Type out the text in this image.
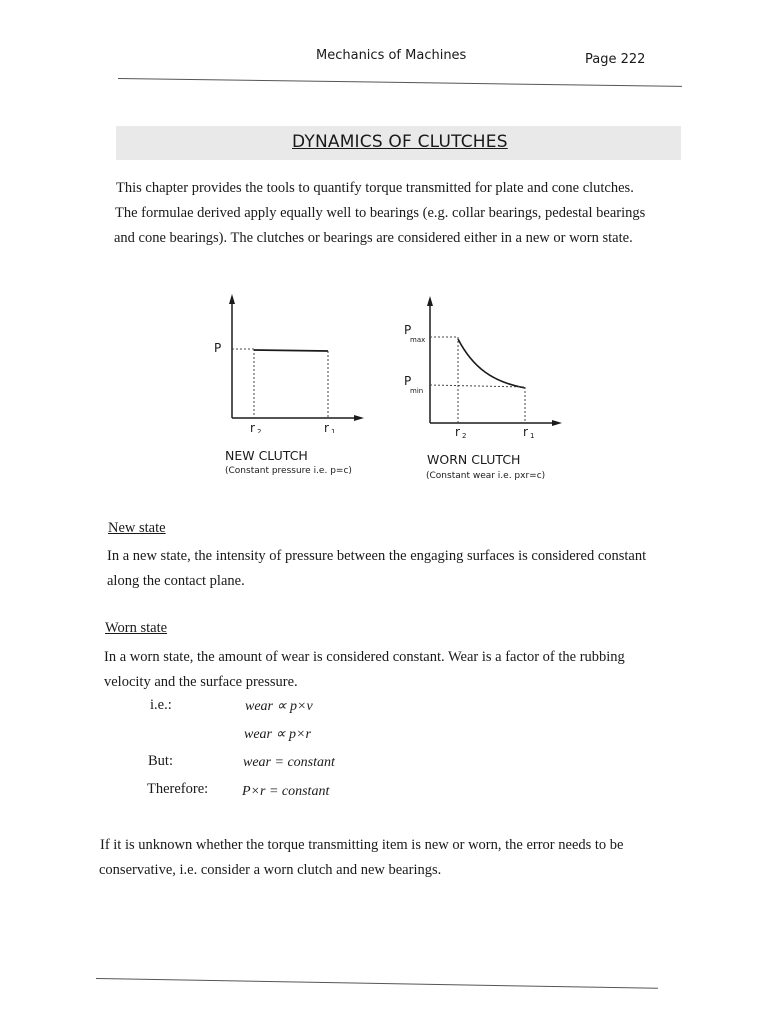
Mechanics of Machines	Page 222
DYNAMICS OF CLUTCHES
This chapter provides the tools to quantify torque transmitted for plate and cone clutches.
The formulae derived apply equally well to bearings (e.g. collar bearings, pedestal bearings
and cone bearings). The clutches or bearings are considered either in a new or worn state.
P
r 2	r 1
NEW CLUTCH
(Constant pressure i.e. p=c)
P
max
P
min
r 2	r 1
WORN CLUTCH
(Constant wear i.e. pxr=c)
New state
In a new state, the intensity of pressure between the engaging surfaces is considered constant
along the contact plane.
Worn state
In a worn state, the amount of wear is considered constant. Wear is a factor of the rubbing
velocity and the surface pressure.
i.e.:	wear ∝ p×v
wear ∝ p×r
But:	wear = constant
Therefore: P×r = constant
If it is unknown whether the torque transmitting item is new or worn, the error needs to be
conservative, i.e. consider a worn clutch and new bearings.
